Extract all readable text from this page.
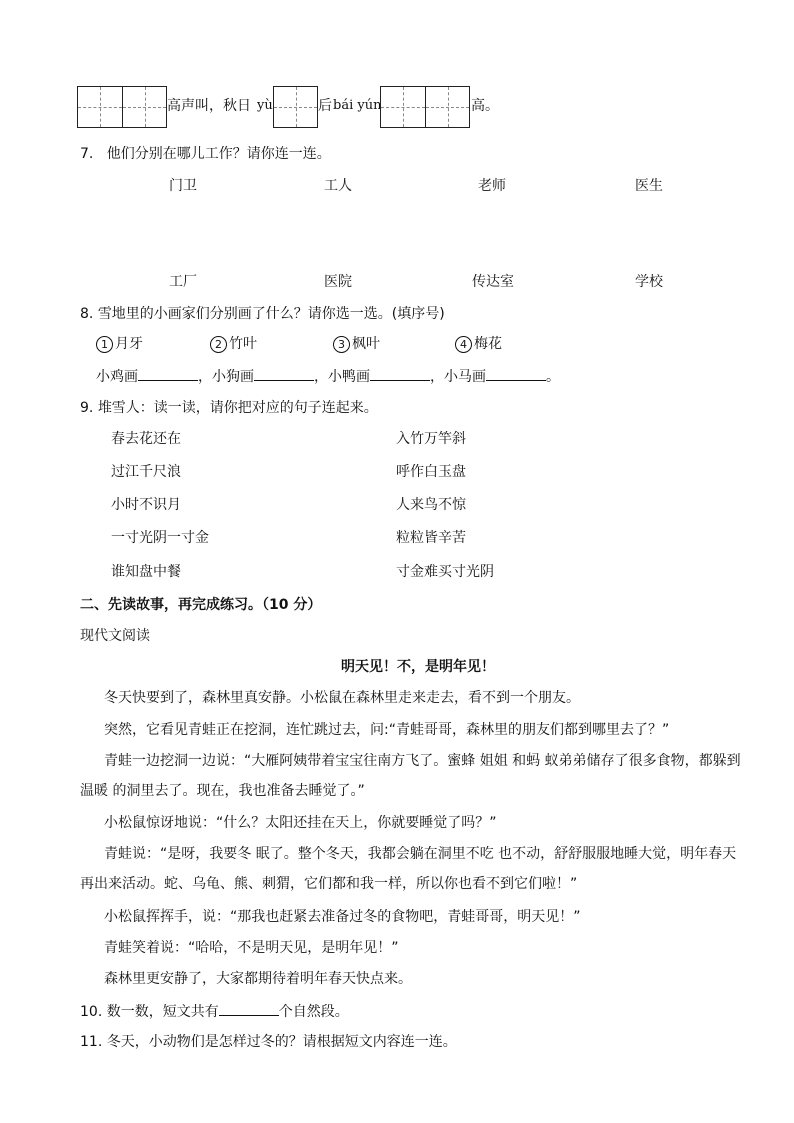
高声叫，秋日 yù	后 bái yún	高。
7. 他们分别在哪儿工作？请你连一连。
门卫	工人	老师	医生
工厂	医院	传达室	学校
8. 雪地里的小画家们分别画了什么？请你选一选。(填序号)
1 月牙	2 竹叶	3 枫叶	4 梅花
小鸡画	，小狗画	，小鸭画	，小马画	。
9. 堆雪人：读一读，请你把对应的句子连起来。
春去花还在
过江千尺浪
小时不识月
一寸光阴一寸金
谁知盘中餐
入竹万竿斜
呼作白玉盘
人来鸟不惊
粒粒皆辛苦
寸金难买寸光阴
二、先读故事，再完成练习。（10 分）
现代文阅读
明天见！不，是明年见！
冬天快要到了，森林里真安静。小松鼠在森林里走来走去，看不到一个朋友。
突然，它看见青蛙正在挖洞，连忙跳过去，问:“青蛙哥哥，森林里的朋友们都到哪里去了？”
青蛙一边挖洞一边说：“大雁阿姨带着宝宝往南方飞了。蜜蜂 姐姐 和蚂 蚁弟弟储存了很多食物，都躲到温暖 的洞里去了。现在，我也准备去睡觉了。”
小松鼠惊讶地说：“什么？太阳还挂在天上，你就要睡觉了吗？”
青蛙说：“是呀，我要冬 眠了。整个冬天，我都会躺在洞里不吃 也不动，舒舒服服地睡大觉，明年春天再出来活动。蛇、乌龟、熊、刺猬，它们都和我一样，所以你也看不到它们啦！”
小松鼠挥挥手，说：“那我也赶紧去准备过冬的食物吧，青蛙哥哥，明天见！”
青蛙笑着说：“哈哈，不是明天见，是明年见！”
森林里更安静了，大家都期待着明年春天快点来。
10. 数一数，短文共有	个自然段。
11. 冬天，小动物们是怎样过冬的？请根据短文内容连一连。
